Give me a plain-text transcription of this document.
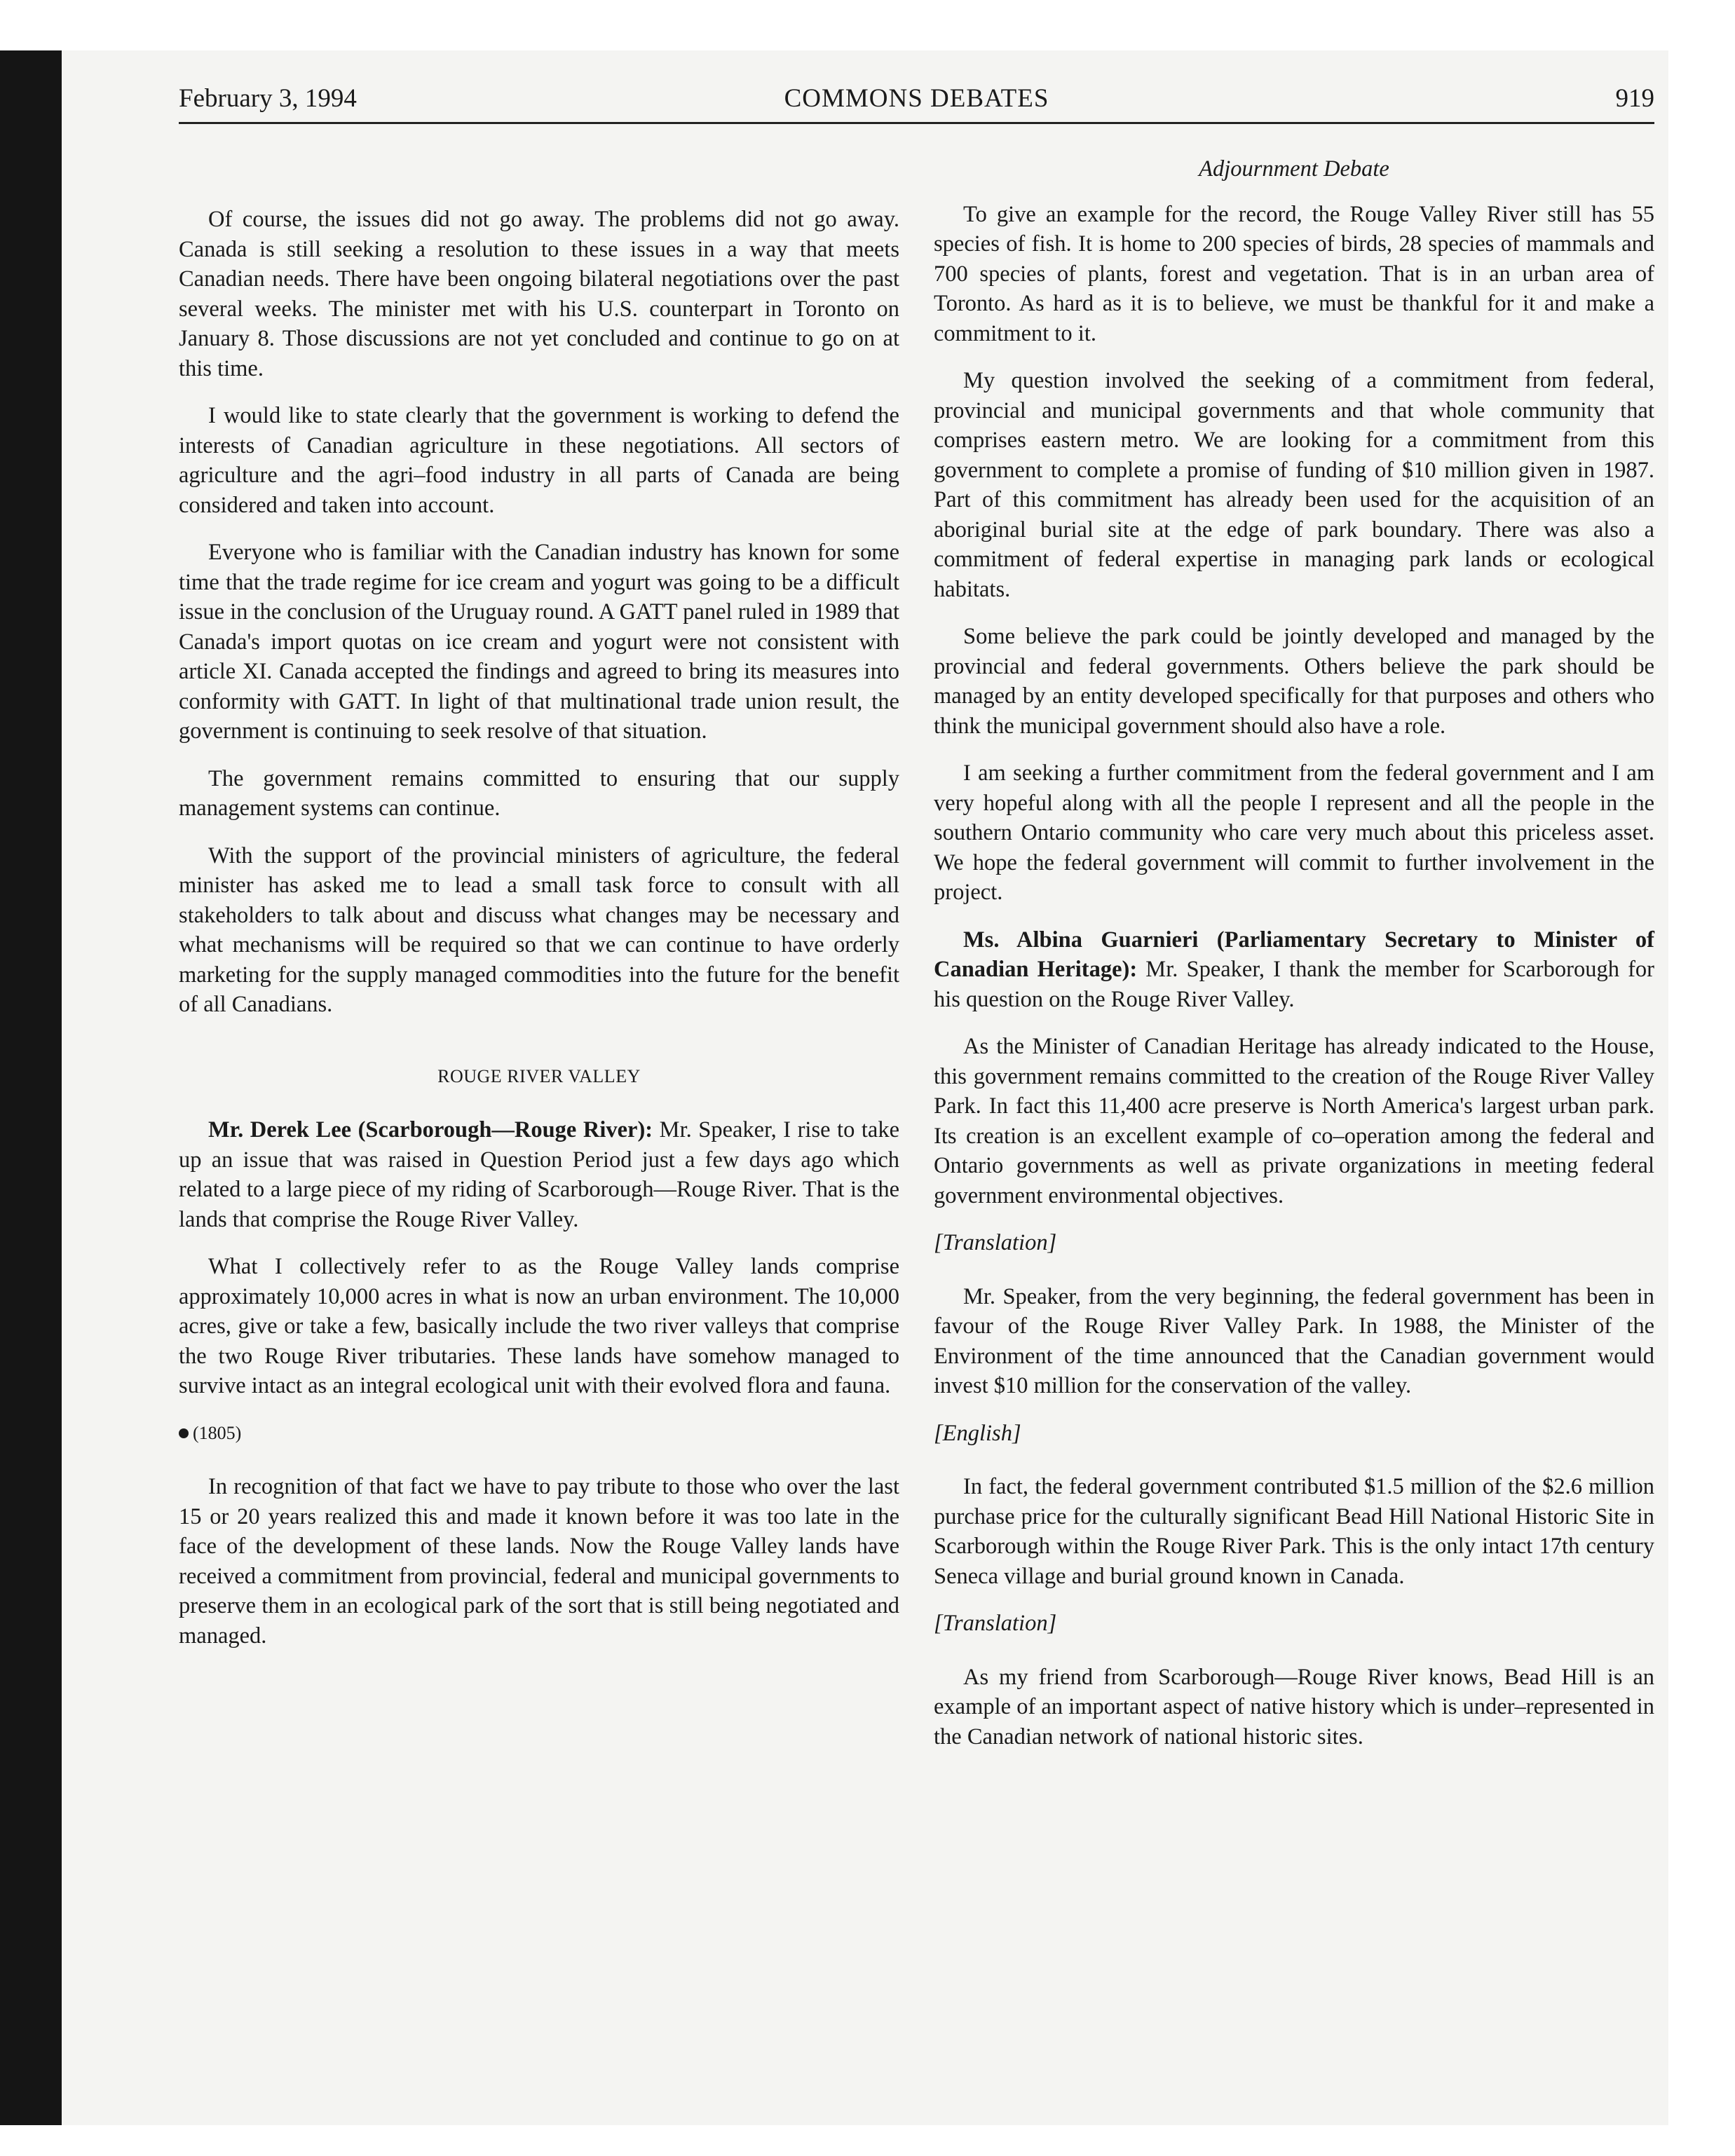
February 3, 1994	COMMONS DEBATES	919

Of course, the issues did not go away. The problems did not go away. Canada is still seeking a resolution to these issues in a way that meets Canadian needs. There have been ongoing bilateral negotiations over the past several weeks. The minister met with his U.S. counterpart in Toronto on January 8. Those discussions are not yet concluded and continue to go on at this time.

I would like to state clearly that the government is working to defend the interests of Canadian agriculture in these negotiations. All sectors of agriculture and the agri–food industry in all parts of Canada are being considered and taken into account.

Everyone who is familiar with the Canadian industry has known for some time that the trade regime for ice cream and yogurt was going to be a difficult issue in the conclusion of the Uruguay round. A GATT panel ruled in 1989 that Canada's import quotas on ice cream and yogurt were not consistent with article XI. Canada accepted the findings and agreed to bring its measures into conformity with GATT. In light of that multinational trade union result, the government is continuing to seek resolve of that situation.

The government remains committed to ensuring that our supply management systems can continue.

With the support of the provincial ministers of agriculture, the federal minister has asked me to lead a small task force to consult with all stakeholders to talk about and discuss what changes may be necessary and what mechanisms will be required so that we can continue to have orderly marketing for the supply managed commodities into the future for the benefit of all Canadians.

ROUGE RIVER VALLEY

Mr. Derek Lee (Scarborough—Rouge River): Mr. Speaker, I rise to take up an issue that was raised in Question Period just a few days ago which related to a large piece of my riding of Scarborough—Rouge River. That is the lands that comprise the Rouge River Valley.

What I collectively refer to as the Rouge Valley lands comprise approximately 10,000 acres in what is now an urban environment. The 10,000 acres, give or take a few, basically include the two river valleys that comprise the two Rouge River tributaries. These lands have somehow managed to survive intact as an integral ecological unit with their evolved flora and fauna.

(1805)

In recognition of that fact we have to pay tribute to those who over the last 15 or 20 years realized this and made it known before it was too late in the face of the development of these lands. Now the Rouge Valley lands have received a commitment from provincial, federal and municipal governments to preserve them in an ecological park of the sort that is still being negotiated and managed.

Adjournment Debate

To give an example for the record, the Rouge Valley River still has 55 species of fish. It is home to 200 species of birds, 28 species of mammals and 700 species of plants, forest and vegetation. That is in an urban area of Toronto. As hard as it is to believe, we must be thankful for it and make a commitment to it.

My question involved the seeking of a commitment from federal, provincial and municipal governments and that whole community that comprises eastern metro. We are looking for a commitment from this government to complete a promise of funding of $10 million given in 1987. Part of this commitment has already been used for the acquisition of an aboriginal burial site at the edge of park boundary. There was also a commitment of federal expertise in managing park lands or ecological habitats.

Some believe the park could be jointly developed and managed by the provincial and federal governments. Others believe the park should be managed by an entity developed specifically for that purposes and others who think the municipal government should also have a role.

I am seeking a further commitment from the federal government and I am very hopeful along with all the people I represent and all the people in the southern Ontario community who care very much about this priceless asset. We hope the federal government will commit to further involvement in the project.

Ms. Albina Guarnieri (Parliamentary Secretary to Minister of Canadian Heritage): Mr. Speaker, I thank the member for Scarborough for his question on the Rouge River Valley.

As the Minister of Canadian Heritage has already indicated to the House, this government remains committed to the creation of the Rouge River Valley Park. In fact this 11,400 acre preserve is North America's largest urban park. Its creation is an excellent example of co–operation among the federal and Ontario governments as well as private organizations in meeting federal government environmental objectives.

[Translation]

Mr. Speaker, from the very beginning, the federal government has been in favour of the Rouge River Valley Park. In 1988, the Minister of the Environment of the time announced that the Canadian government would invest $10 million for the conservation of the valley.

[English]

In fact, the federal government contributed $1.5 million of the $2.6 million purchase price for the culturally significant Bead Hill National Historic Site in Scarborough within the Rouge River Park. This is the only intact 17th century Seneca village and burial ground known in Canada.

[Translation]

As my friend from Scarborough—Rouge River knows, Bead Hill is an example of an important aspect of native history which is under–represented in the Canadian network of national historic sites.
